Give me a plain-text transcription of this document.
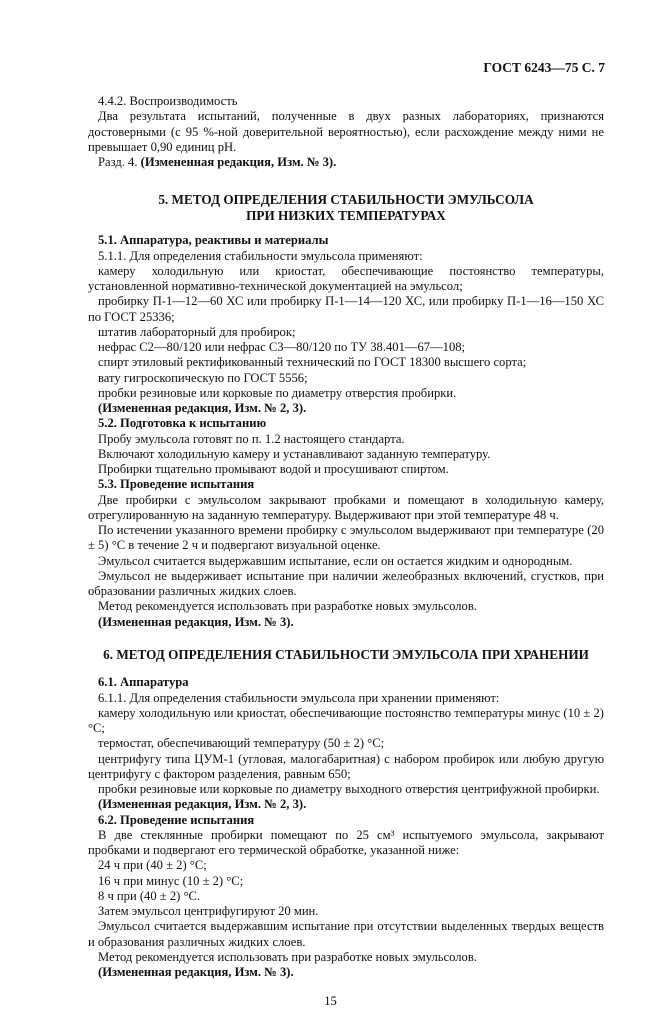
ГОСТ 6243—75 С. 7

4.4.2. Воспроизводимость

Два результата испытаний, полученные в двух разных лабораториях, признаются достоверными (с 95 %-ной доверительной вероятностью), если расхождение между ними не превышает 0,90 единиц pH.

Разд. 4. (Измененная редакция, Изм. № 3).

5. МЕТОД ОПРЕДЕЛЕНИЯ СТАБИЛЬНОСТИ ЭМУЛЬСОЛА
ПРИ НИЗКИХ ТЕМПЕРАТУРАХ

5.1. Аппаратура, реактивы и материалы

5.1.1. Для определения стабильности эмульсола применяют:

камеру холодильную или криостат, обеспечивающие постоянство температуры, установленной нормативно-технической документацией на эмульсол;

пробирку П-1—12—60 ХС или пробирку П-1—14—120 ХС, или пробирку П-1—16—150 ХС по ГОСТ 25336;

штатив лабораторный для пробирок;

нефрас С2—80/120 или нефрас С3—80/120 по ТУ 38.401—67—108;

спирт этиловый ректификованный технический по ГОСТ 18300 высшего сорта;

вату гигроскопическую по ГОСТ 5556;

пробки резиновые или корковые по диаметру отверстия пробирки.

(Измененная редакция, Изм. № 2, 3).

5.2. Подготовка к испытанию

Пробу эмульсола готовят по п. 1.2 настоящего стандарта.

Включают холодильную камеру и устанавливают заданную температуру.

Пробирки тщательно промывают водой и просушивают спиртом.

5.3. Проведение испытания

Две пробирки с эмульсолом закрывают пробками и помещают в холодильную камеру, отрегулированную на заданную температуру. Выдерживают при этой температуре 48 ч.

По истечении указанного времени пробирку с эмульсолом выдерживают при температуре (20 ± 5) °С в течение 2 ч и подвергают визуальной оценке.

Эмульсол считается выдержавшим испытание, если он остается жидким и однородным.

Эмульсол не выдерживает испытание при наличии желеобразных включений, сгустков, при образовании различных жидких слоев.

Метод рекомендуется использовать при разработке новых эмульсолов.

(Измененная редакция, Изм. № 3).

6. МЕТОД ОПРЕДЕЛЕНИЯ СТАБИЛЬНОСТИ ЭМУЛЬСОЛА ПРИ ХРАНЕНИИ

6.1. Аппаратура

6.1.1. Для определения стабильности эмульсола при хранении применяют:

камеру холодильную или криостат, обеспечивающие постоянство температуры минус (10 ± 2) °С;

термостат, обеспечивающий температуру (50 ± 2) °С;

центрифугу типа ЦУМ-1 (угловая, малогабаритная) с набором пробирок или любую другую центрифугу с фактором разделения, равным 650;

пробки резиновые или корковые по диаметру выходного отверстия центрифужной пробирки.

(Измененная редакция, Изм. № 2, 3).

6.2. Проведение испытания

В две стеклянные пробирки помещают по 25 см³ испытуемого эмульсола, закрывают пробками и подвергают его термической обработке, указанной ниже:

24 ч при (40 ± 2) °С;

16 ч при минус (10 ± 2) °С;

8 ч при (40 ± 2) °С.

Затем эмульсол центрифугируют 20 мин.

Эмульсол считается выдержавшим испытание при отсутствии выделенных твердых веществ и образования различных жидких слоев.

Метод рекомендуется использовать при разработке новых эмульсолов.

(Измененная редакция, Изм. № 3).

15
